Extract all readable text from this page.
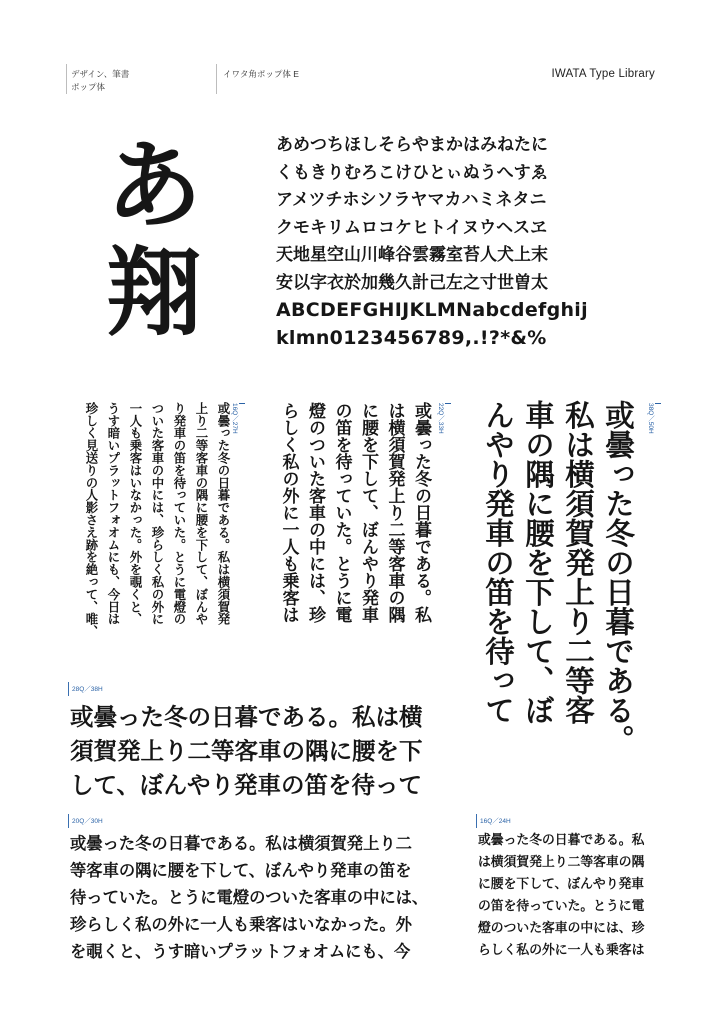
デザイン、筆書
ポップ体
イワタ角ポップ体 E	IWATA Type Library
あ
翔
あめつちほしそらやまかはみねたに
くもきりむろこけひとぃぬうへすゑ
アメツチホシソラヤマカハミネタニ
クモキリムロコケヒトイヌウヘスヱ
天地星空山川峰谷雲霧室苔人犬上末
安以字衣於加幾久計己左之寸世曽太
ABCDEFGHIJKLMNabcdefghij
klmn0123456789,.!?*&%
16Q／27H
或曇った冬の日暮である。私は横須賀発
上り二等客車の隅に腰を下して、ぼんや
り発車の笛を待っていた。とうに電燈の
ついた客車の中には、珍らしく私の外に
一人も乗客はいなかった。外を覗くと、
うす暗いプラットフォオムにも、今日は
珍しく見送りの人影さえ跡を絶って、唯、	22Q／33H
或曇った冬の日暮である。私
は横須賀発上り二等客車の隅
に腰を下して、ぼんやり発車
の笛を待っていた。とうに電
燈のついた客車の中には、珍
らしく私の外に一人も乗客は	38Q／50H
或曇った冬の日暮である。
私は横須賀発上り二等客
車の隅に腰を下して、ぼ
んやり発車の笛を待って
28Q／38H
或曇った冬の日暮である。私は横
須賀発上り二等客車の隅に腰を下
して、ぼんやり発車の笛を待って
20Q／30H
或曇った冬の日暮である。私は横須賀発上り二
等客車の隅に腰を下して、ぼんやり発車の笛を
待っていた。とうに電燈のついた客車の中には、
珍らしく私の外に一人も乗客はいなかった。外
を覗くと、うす暗いプラットフォオムにも、今
16Q／24H
或曇った冬の日暮である。私
は横須賀発上り二等客車の隅
に腰を下して、ぼんやり発車
の笛を待っていた。とうに電
燈のついた客車の中には、珍
らしく私の外に一人も乗客は
